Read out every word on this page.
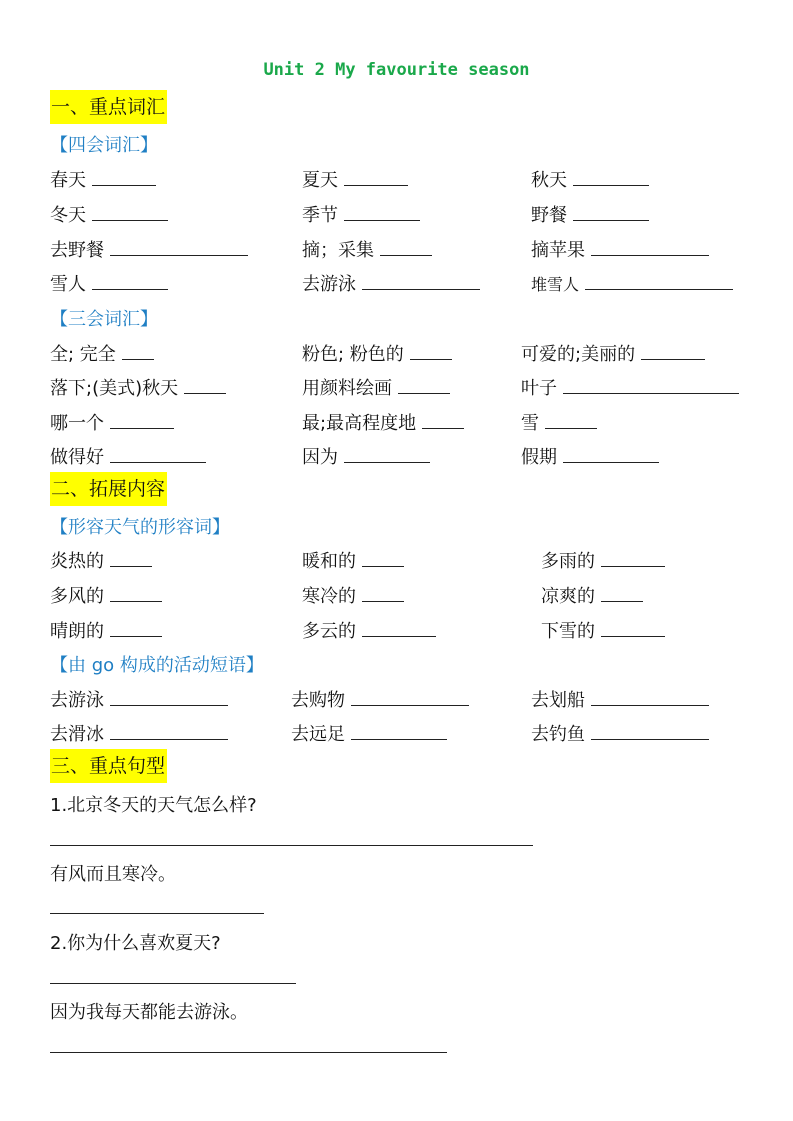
Unit 2 My favourite season
一、重点词汇
【四会词汇】
春天	夏天	秋天
冬天	季节	野餐
去野餐	摘；采集	摘苹果
雪人	去游泳	堆雪人
【三会词汇】
全; 完全	粉色; 粉色的	可爱的;美丽的
落下;(美式)秋天	用颜料绘画	叶子
哪一个	最;最高程度地	雪
做得好	因为	假期
二、拓展内容
【形容天气的形容词】
炎热的	暖和的	多雨的
多风的	寒冷的	凉爽的
晴朗的	多云的	下雪的
【由 go 构成的活动短语】
去游泳	去购物	去划船
去滑冰	去远足	去钓鱼
三、重点句型
1.北京冬天的天气怎么样?
有风而且寒冷。
2.你为什么喜欢夏天?
因为我每天都能去游泳。
